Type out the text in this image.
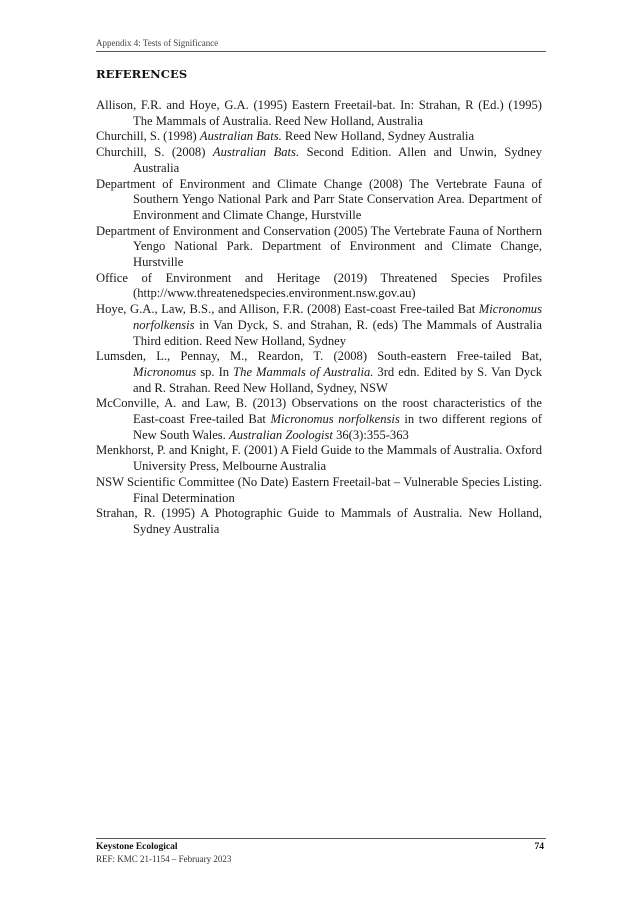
Appendix 4: Tests of Significance
REFERENCES
Allison, F.R. and Hoye, G.A. (1995) Eastern Freetail-bat. In: Strahan, R (Ed.) (1995) The Mammals of Australia. Reed New Holland, Australia
Churchill, S. (1998) Australian Bats. Reed New Holland, Sydney Australia
Churchill, S. (2008) Australian Bats. Second Edition. Allen and Unwin, Sydney Australia
Department of Environment and Climate Change (2008) The Vertebrate Fauna of Southern Yengo National Park and Parr State Conservation Area. Department of Environment and Climate Change, Hurstville
Department of Environment and Conservation (2005) The Vertebrate Fauna of Northern Yengo National Park. Department of Environment and Climate Change, Hurstville
Office of Environment and Heritage (2019) Threatened Species Profiles (http://www.threatenedspecies.environment.nsw.gov.au)
Hoye, G.A., Law, B.S., and Allison, F.R. (2008) East-coast Free-tailed Bat Micronomus norfolkensis in Van Dyck, S. and Strahan, R. (eds) The Mammals of Australia Third edition. Reed New Holland, Sydney
Lumsden, L., Pennay, M., Reardon, T. (2008) South-eastern Free-tailed Bat, Micronomus sp. In The Mammals of Australia. 3rd edn. Edited by S. Van Dyck and R. Strahan. Reed New Holland, Sydney, NSW
McConville, A. and Law, B. (2013) Observations on the roost characteristics of the East-coast Free-tailed Bat Micronomus norfolkensis in two different regions of New South Wales. Australian Zoologist 36(3):355-363
Menkhorst, P. and Knight, F. (2001) A Field Guide to the Mammals of Australia. Oxford University Press, Melbourne Australia
NSW Scientific Committee (No Date) Eastern Freetail-bat – Vulnerable Species Listing. Final Determination
Strahan, R. (1995) A Photographic Guide to Mammals of Australia. New Holland, Sydney Australia
Keystone Ecological
REF: KMC 21-1154 – February 2023
74
